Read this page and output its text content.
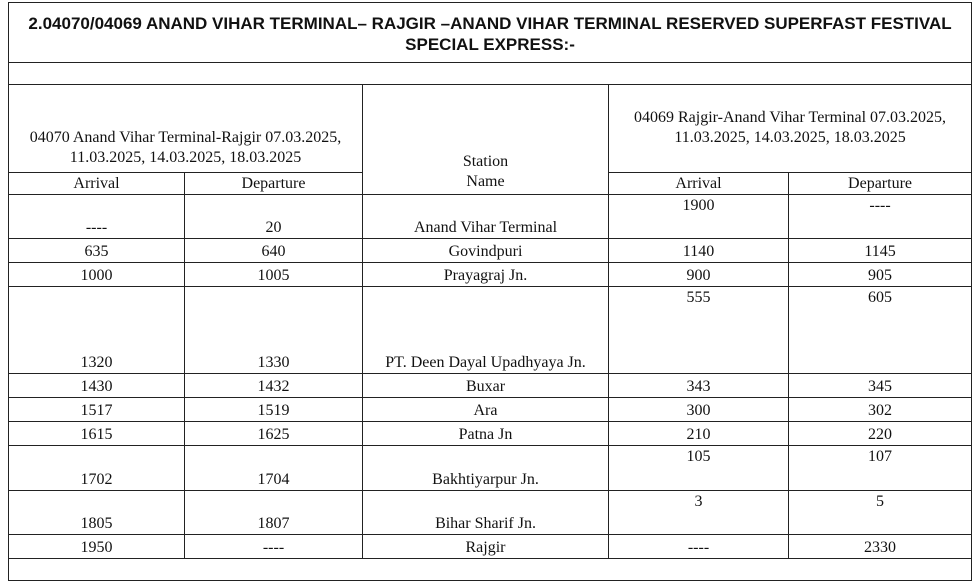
2.04070/04069 ANAND VIHAR TERMINAL– RAJGIR –ANAND VIHAR TERMINAL RESERVED SUPERFAST FESTIVAL SPECIAL EXPRESS:-				

04070 Anand Vihar Terminal-Rajgir 07.03.2025, 11.03.2025, 14.03.2025, 18.03.2025		Station
Name	04069 Rajgir-Anand Vihar Terminal 07.03.2025, 11.03.2025, 14.03.2025, 18.03.2025	
Arrival	Departure		Arrival	Departure
----	20	Anand Vihar Terminal	1900	----

635	640	Govindpuri	1140	1145
1000	1005	Prayagraj Jn.	900	905
1320	1330	PT. Deen Dayal Upadhyaya Jn.	555	605

1430	1432	Buxar	343	345
1517	1519	Ara	300	302
1615	1625	Patna Jn	210	220
1702	1704	Bakhtiyarpur Jn.	105	107

1805	1807	Bihar Sharif Jn.	3	5

1950	----	Rajgir	----	2330
